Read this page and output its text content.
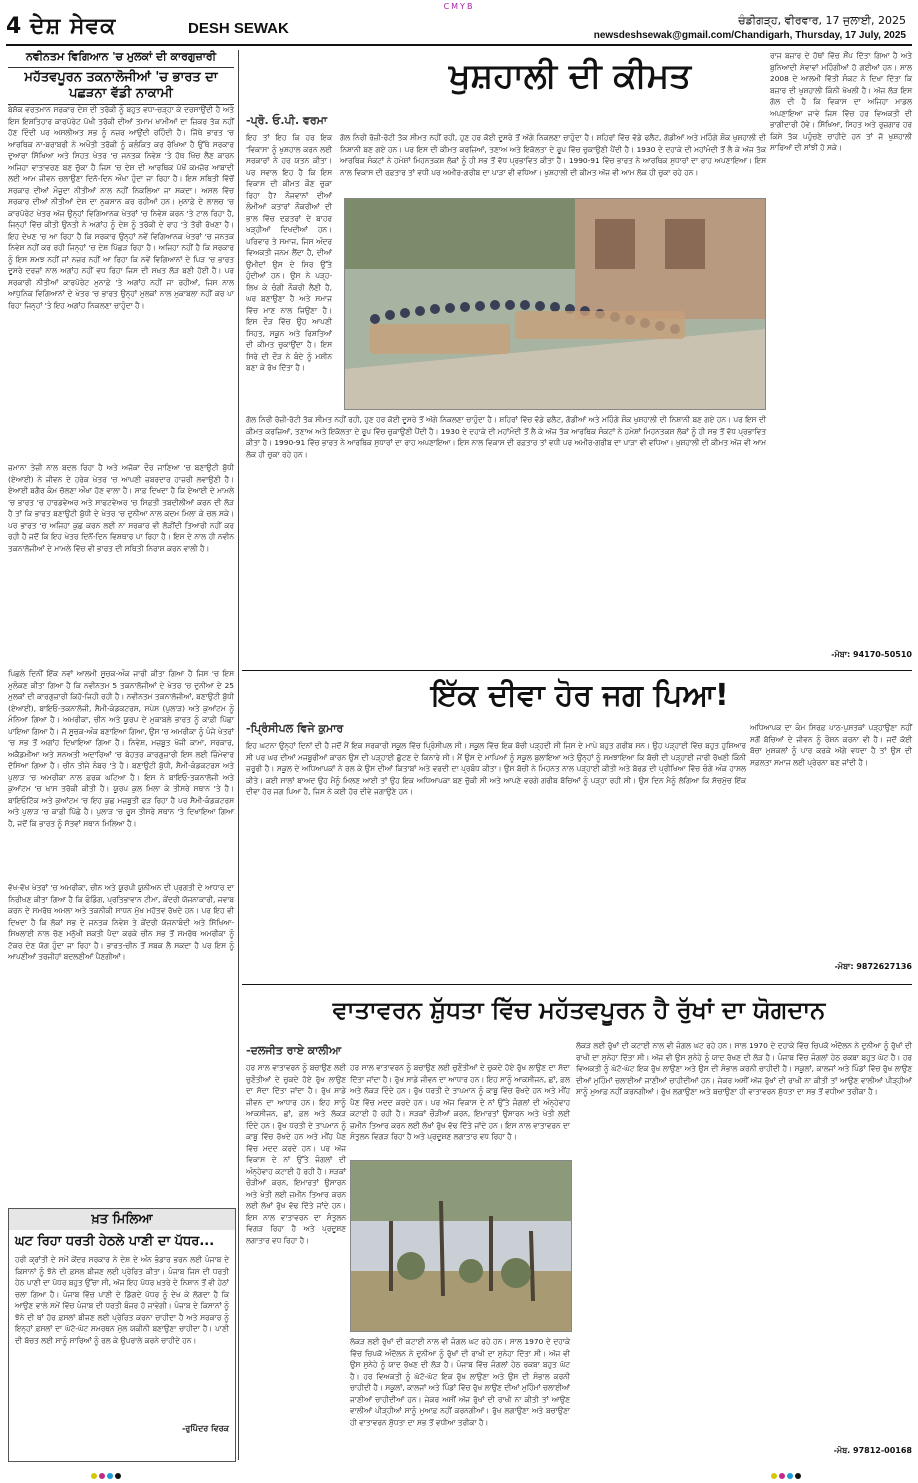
CMYB
4 ਦੇਸ਼ ਸੇਵਕ	DESH SEWAK	ਚੰਡੀਗੜ੍ਹ, ਵੀਰਵਾਰ, 17 ਜੁਲਾਈ, 2025
newsdeshsewak@gmail.com/Chandigarh, Thursday, 17 July, 2025
ਨਵੀਨਤਮ ਵਿਗਿਆਨ 'ਚ ਮੁਲਕਾਂ ਦੀ ਕਾਰਗੁਜ਼ਾਰੀ
ਮਹੱਤਵਪੂਰਨ ਤਕਨਾਲੋਜੀਆਂ 'ਚ ਭਾਰਤ ਦਾ ਪਛੜਨਾ ਵੱਡੀ ਨਾਕਾਮੀ
ਬੇਸ਼ੱਕ ਵਰਤਮਾਨ ਸਰਕਾਰ ਦੇਸ਼ ਦੀ ਤਰੱਕੀ ਨੂੰ ਬਹੁਤ ਵਧਾ-ਚੜ੍ਹਾ ਕੇ ਦਰਸਾਉਂਦੀ ਹੈ ਅਤੇ ਇਸ ਇਸ਼ਤਿਹਾਰ ਕਾਰਪੋਰੇਟ ਪੱਖੀ ਤਰੱਕੀ ਦੀਆਂ ਤਮਾਮ ਖਾਮੀਆਂ ਦਾ ਜ਼ਿਕਰ ਤੱਕ ਨਹੀਂ ਹੋਣ ਦਿੰਦੀ ਪਰ ਅਸਲੀਅਤ ਸਭ ਨੂੰ ਨਜ਼ਰ ਆਉਂਦੀ ਰਹਿੰਦੀ ਹੈ। ਜਿੱਥੇ ਭਾਰਤ 'ਚ ਆਰਥਿਕ ਨਾ-ਬਰਾਬਰੀ ਨੇ ਅਖੌਤੀ ਤਰੱਕੀ ਨੂੰ ਕਲੰਕਿਤ ਕਰ ਰੱਖਿਆ ਹੈ ਉੱਥੇ ਸਰਕਾਰ ਦੁਆਰਾ ਸਿੱਖਿਆ ਅਤੇ ਸਿਹਤ ਖੇਤਰ 'ਚ ਜਨਤਕ ਨਿਵੇਸ਼ 'ਤੇ ਹੱਥ ਖਿੱਚ ਲੈਣ ਕਾਰਨ ਅਜਿਹਾ ਵਾਤਾਵਰਣ ਬਣ ਚੁੱਕਾ ਹੈ ਜਿਸ 'ਚ ਦੇਸ਼ ਦੀ ਆਰਥਿਕ ਪੱਖੋਂ ਕਮਜ਼ੋਰ ਆਬਾਦੀ ਲਈ ਆਮ ਜੀਵਨ ਚਲਾਉਣਾ ਦਿਨੋ-ਦਿਨ ਔਖਾ ਹੁੰਦਾ ਜਾ ਰਿਹਾ ਹੈ। ਇਸ ਸਥਿਤੀ ਵਿੱਚੋਂ ਸਰਕਾਰ ਦੀਆਂ ਮੌਜੂਦਾ ਨੀਤੀਆਂ ਨਾਲ ਨਹੀਂ ਨਿਕਲਿਆ ਜਾ ਸਕਦਾ। ਅਸਲ ਵਿੱਚ ਸਰਕਾਰ ਦੀਆਂ ਨੀਤੀਆਂ ਦੇਸ਼ ਦਾ ਨੁਕਸਾਨ ਕਰ ਰਹੀਆਂ ਹਨ। ਮੁਨਾਫ਼ੇ ਦੇ ਲਾਲਚ 'ਚ ਕਾਰਪੋਰੇਟ ਖੇਤਰ ਅੱਜ ਉਨ੍ਹਾਂ ਵਿਗਿਆਨਕ ਖੇਤਰਾਂ 'ਚ ਨਿਵੇਸ਼ ਕਰਨ 'ਤੇ ਟਾਲ ਰਿਹਾ ਹੈ, ਜਿਨ੍ਹਾਂ ਵਿੱਚ ਕੀਤੀ ਉਨਤੀ ਨੇ ਅਗਾਂਹ ਨੂੰ ਦੇਸ਼ ਨੂੰ ਤਰੱਕੀ ਦੇ ਰਾਹ 'ਤੇ ਤੋਰੀ ਰੱਖਣਾ ਹੈ। ਇਹ ਦੇਖਣ 'ਚ ਆ ਰਿਹਾ ਹੈ ਕਿ ਸਰਕਾਰ ਉਨ੍ਹਾਂ ਨਵੇਂ ਵਿਗਿਆਨਕ ਖੇਤਰਾਂ 'ਚ ਜਨਤਕ ਨਿਵੇਸ਼ ਨਹੀਂ ਕਰ ਰਹੀ ਜਿਨ੍ਹਾਂ 'ਚ ਦੇਸ਼ ਪਿੱਛੜ ਰਿਹਾ ਹੈ। ਅਜਿਹਾ ਨਹੀਂ ਹੈ ਕਿ ਸਰਕਾਰ ਨੂੰ ਇਸ ਸਮਝ ਨਹੀਂ ਜਾਂ ਨਜ਼ਰ ਨਹੀਂ ਆ ਰਿਹਾ ਕਿ ਨਵੇਂ ਵਿਗਿਆਨਾਂ ਦੇ ਪਿੜ 'ਚ ਭਾਰਤ ਦੂਸਰੇ ਦਰਜ਼ਾਂ ਨਾਲ ਅਗਾਂਹ ਨਹੀਂ ਵਧ ਰਿਹਾ ਜਿਸ ਦੀ ਸਖ਼ਤ ਲੋੜ ਬਣੀ ਹੋਈ ਹੈ। ਪਰ ਸਰਕਾਰੀ ਨੀਤੀਆਂ ਕਾਰਪੋਰੇਟ ਮੁਨਾਫ਼ੇ 'ਤੇ ਅਗਾਂਹ ਨਹੀਂ ਜਾ ਰਹੀਆਂ, ਜਿਸ ਨਾਲ ਆਧੁਨਿਕ ਵਿਗਿਆਨਾਂ ਦੇ ਖੇਤਰ 'ਚ ਭਾਰਤ ਉਨ੍ਹਾਂ ਮੁਲਕਾਂ ਨਾਲ ਮੁਕਾਬਲਾ ਨਹੀਂ ਕਰ ਪਾ ਰਿਹਾ ਜਿਨ੍ਹਾਂ 'ਤੇ ਇਹ ਅਗਾਂਹ ਨਿਕਲਣਾ ਚਾਹੁੰਦਾ ਹੈ।
ਜ਼ਮਾਨਾ ਤੇਜ਼ੀ ਨਾਲ ਬਦਲ ਰਿਹਾ ਹੈ ਅਤੇ ਅਜੋਕਾ ਦੌਰ ਜਾਣਿਆ 'ਚ ਬਣਾਉਟੀ ਬੁੱਧੀ (ਏਆਈ) ਨੇ ਜੀਵਨ ਦੇ ਹਰੇਕ ਖੇਤਰ 'ਚ ਆਪਣੀ ਜ਼ਬਰਦਾਰ ਹਾਜ਼ਰੀ ਲਵਾਉਣੀ ਹੈ। ਏਆਈ ਬਗੈਰ ਕੰਮ ਚੱਲਣਾ ਔਖਾ ਹੋਣ ਵਾਲਾ ਹੈ। ਸਾਫ਼ ਦਿਖਦਾ ਹੈ ਕਿ ਏਆਈ ਦੇ ਮਾਮਲੇ 'ਚ ਭਾਰਤ 'ਚ ਹਾਰਡਵੇਅਰ ਅਤੇ ਸਾਫਟਵੇਅਰ 'ਚ ਸਿਫ਼ਤੀ ਤਬਦੀਲੀਆਂ ਕਰਨ ਦੀ ਲੋੜ ਹੈ ਤਾਂ ਕਿ ਭਾਰਤ ਬਣਾਉਟੀ ਬੁੱਧੀ ਦੇ ਖੇਤਰ 'ਚ ਦੁਨੀਆ ਨਾਲ ਕਦਮ ਮਿਲਾ ਕੇ ਚਲ ਸਕੇ। ਪਰ ਭਾਰਤ 'ਚ ਅਜਿਹਾ ਕੁਛ ਕਰਨ ਲਈ ਨਾ ਸਰਕਾਰ ਵੀ ਲੋੜੀਂਦੀ ਤਿਆਰੀ ਨਹੀਂ ਕਰ ਰਹੀ ਹੈ ਜਦੋਂ ਕਿ ਇਹ ਖੇਤਰ ਦਿਨੋਂ-ਦਿਨ ਵਿਸ਼ਥਾਰ ਪਾ ਰਿਹਾ ਹੈ। ਇਸ ਦੇ ਨਾਲ ਹੀ ਨਵੀਨ ਤਕਨਾਲੋਜੀਆਂ ਦੇ ਮਾਮਲੇ ਵਿੱਚ ਵੀ ਭਾਰਤ ਦੀ ਸਥਿਤੀ ਨਿਰਾਸ਼ ਕਰਨ ਵਾਲੀ ਹੈ।
ਪਿਛਲੇ ਦਿਨੀਂ ਇੱਕ ਨਵਾਂ ਆਲਮੀ ਸੂਚਕ-ਅੰਕ ਜਾਰੀ ਕੀਤਾ ਗਿਆ ਹੈ ਜਿਸ 'ਚ ਇਸ ਮੁਲੰਕਣ ਕੀਤਾ ਗਿਆ ਹੈ ਕਿ ਨਵੀਨਤਮ 5 ਤਕਨਾਲੋਜੀਆਂ ਦੇ ਖੇਤਰ 'ਚ ਦੁਨੀਆ ਦੇ 25 ਮੁਲਕਾਂ ਦੀ ਕਾਰਗੁਜ਼ਾਰੀ ਕਿਹੋ-ਜਿਹੀ ਰਹੀ ਹੈ। ਨਵੀਨਤਮ ਤਕਨਾਲੋਜੀਆਂ, ਬਣਾਉਟੀ ਬੁੱਧੀ (ਏਆਈ), ਬਾਇਓ-ਤਕਨਾਲੋਜੀ, ਸੈਮੀ-ਕੰਡਕਟਰਸ, ਸਪੇਸ (ਪੁਲਾੜ) ਅਤੇ ਕੁਆਂਟਮ ਨੂੰ ਮੰਨਿਆ ਗਿਆ ਹੈ। ਅਮਰੀਕਾ, ਚੀਨ ਅਤੇ ਯੂਰਪ ਦੇ ਮੁਕਾਬਲੇ ਭਾਰਤ ਨੂੰ ਕਾਫ਼ੀ ਪਿੱਛਾ ਪਾਇਆ ਗਿਆ ਹੈ। ਜੋ ਸੂਚਕ-ਅੰਕ ਬਣਾਇਆ ਗਿਆ, ਉਸ 'ਚ ਅਮਰੀਕਾ ਨੂੰ ਪੰਜੇ ਖੇਤਰਾਂ 'ਚ ਸਭ ਤੋਂ ਅਗਾਂਹ ਦਿਖਾਇਆ ਗਿਆ ਹੈ। ਨਿਵੇਸ਼, ਮਜ਼ਬੂਤ ਖੋਜੀ ਕਾਮਾ, ਸਰਕਾਰ, ਅਕੈਡਮੀਆ ਅਤੇ ਸਨਅਤੀ ਅਦਾਰਿਆਂ 'ਚ ਬੇਹਤਰ ਕਾਰਗੁਜ਼ਾਰੀ ਇਸ ਲਈ ਜ਼ਿੰਮੇਵਾਰ ਦੱਸਿਆ ਗਿਆ ਹੈ। ਚੀਨ ਤੀਜੇ ਨੰਬਰ 'ਤੇ ਹੈ। ਬਣਾਉਟੀ ਬੁੱਧੀ, ਸੈਮੀ-ਕੰਡਕਟਰਸ ਅਤੇ ਪੁਲਾੜ 'ਚ ਅਮਰੀਕਾ ਨਾਲ ਫ਼ਰਕ ਘਟਿਆ ਹੈ। ਇਸ ਨੇ ਬਾਇਓ-ਤਕਨਾਲੋਜੀ ਅਤੇ ਕੁਆਂਟਮ 'ਚ ਖ਼ਾਸ ਤਰੱਕੀ ਕੀਤੀ ਹੈ। ਯੂਰਪ ਕੁਲ ਮਿਲਾ ਕੇ ਤੀਸਰੇ ਸਥਾਨ 'ਤੇ ਹੈ। ਬਾਇਓਟਿੱਕ ਅਤੇ ਕੁਆਂਟਮ 'ਚ ਇਹ ਕੁਛ ਮਜ਼ਬੂਤੀ ਫੜ ਰਿਹਾ ਹੈ ਪਰ ਸੈਮੀ-ਕੰਡਕਟਰਸ ਅਤੇ ਪੁਲਾੜ 'ਚ ਕਾਫ਼ੀ ਪਿੱਛੇ ਹੈ। ਪੁਲਾੜ 'ਚ ਰੂਸ ਤੀਸਰੇ ਸਥਾਨ 'ਤੇ ਦਿਖਾਇਆ ਗਿਆ ਹੈ, ਜਦੋਂ ਕਿ ਭਾਰਤ ਨੂੰ ਸੱਤਵਾਂ ਸਥਾਨ ਮਿਲਿਆ ਹੈ।
ਵੱਖ-ਵੱਖ ਖੇਤਰਾਂ 'ਚ ਅਮਰੀਕਾ, ਚੀਨ ਅਤੇ ਯੂਰਪੀ ਯੂਨੀਅਨ ਦੀ ਪ੍ਰਗਤੀ ਦੇ ਆਧਾਰ ਦਾ ਨਿਰੀਖਣ ਕੀਤਾ ਗਿਆ ਹੈ ਕਿ ਫੰਡਿੰਗ, ਪ੍ਰਤਿਭਾਵਾਨ ਟੀਮਾ, ਕੇਂਦਰੀ ਯੋਜਨਾਕਾਰੀ, ਜਵਾਬ ਕਰਨ ਦੇ ਸਮਰੱਥ ਅਮਲਾ ਅਤੇ ਤਕਨੀਕੀ ਸਾਧਨ ਮੁੱਖ ਮਹੱਤਵ ਰੱਖਦੇ ਹਨ। ਪਰ ਇਹ ਵੀ ਦਿਖਦਾ ਹੈ ਕਿ ਲੋਕਾਂ ਸਭ ਦੇ ਜਨਤਕ ਨਿਵੇਸ਼ ਤੇ ਕੇਂਦਰੀ ਯੋਜਨਾਬੰਦੀ ਅਤੇ ਸਿੱਖਿਆ-ਸਿਖਲਾਈ ਨਾਲ ਚੋਣ ਮਨੁੱਖੀ ਸ਼ਕਤੀ ਪੈਦਾ ਕਰਕੇ ਚੀਨ ਸਭ ਤੋਂ ਸਮਰੱਥ ਅਮਰੀਕਾ ਨੂੰ ਟੱਕਰ ਦੇਣ ਯੋਗ ਹੁੰਦਾ ਜਾ ਰਿਹਾ ਹੈ। ਭਾਰਤ-ਚੀਨ ਤੋਂ ਸਬਕ ਲੈ ਸਕਦਾ ਹੈ ਪਰ ਇਸ ਨੂੰ ਆਪਣੀਆਂ ਤਰਜੀਹਾਂ ਬਦਲਣੀਆਂ ਪੈਣਗੀਆਂ।
ਖ਼ਤ ਮਿਲਿਆ
ਘਟ ਰਿਹਾ ਧਰਤੀ ਹੇਠਲੇ ਪਾਣੀ ਦਾ ਪੱਧਰ...
ਹਰੀ ਕ੍ਰਾਂਤੀ ਦੇ ਸਮੇਂ ਕੇਂਦਰ ਸਰਕਾਰ ਨੇ ਦੇਸ਼ ਦੇ ਅੰਨ ਭੰਡਾਰ ਭਰਨ ਲਈ ਪੰਜਾਬ ਦੇ ਕਿਸਾਨਾਂ ਨੂੰ ਝੋਨੇ ਦੀ ਫ਼ਸਲ ਬੀਜਣ ਲਈ ਪ੍ਰੇਰਿਤ ਕੀਤਾ। ਪੰਜਾਬ ਜਿਸ ਦੀ ਧਰਤੀ ਹੇਠ ਪਾਣੀ ਦਾ ਪੱਧਰ ਬਹੁਤ ਉੱਚਾ ਸੀ, ਅੱਜ ਇਹ ਪੱਧਰ ਖ਼ਤਰੇ ਦੇ ਨਿਸ਼ਾਨ ਤੋਂ ਵੀ ਹੇਠਾਂ ਚਲਾ ਗਿਆ ਹੈ। ਪੰਜਾਬ ਵਿੱਚ ਪਾਣੀ ਦੇ ਡਿੱਗਦੇ ਪੱਧਰ ਨੂੰ ਦੇਖ ਕੇ ਲੱਗਦਾ ਹੈ ਕਿ ਆਉਣ ਵਾਲੇ ਸਮੇਂ ਵਿੱਚ ਪੰਜਾਬ ਦੀ ਧਰਤੀ ਬੰਜਰ ਹੋ ਜਾਵੇਗੀ। ਪੰਜਾਬ ਦੇ ਕਿਸਾਨਾਂ ਨੂੰ ਝੋਨੇ ਦੀ ਥਾਂ ਹੋਰ ਫ਼ਸਲਾਂ ਬੀਜਣ ਲਈ ਪ੍ਰੇਰਿਤ ਕਰਨਾ ਚਾਹੀਦਾ ਹੈ ਅਤੇ ਸਰਕਾਰ ਨੂੰ ਇਨ੍ਹਾਂ ਫ਼ਸਲਾਂ ਦਾ ਘੱਟੋ-ਘੱਟ ਸਮਰਥਨ ਮੁੱਲ ਯਕੀਨੀ ਬਣਾਉਣਾ ਚਾਹੀਦਾ ਹੈ। ਪਾਣੀ ਦੀ ਬੱਚਤ ਲਈ ਸਾਨੂੰ ਸਾਰਿਆਂ ਨੂੰ ਰਲ ਕੇ ਉਪਰਾਲੇ ਕਰਨੇ ਚਾਹੀਦੇ ਹਨ।
-ਰੁਪਿੰਦਰ ਵਿਰਕ
ਖੁਸ਼ਹਾਲੀ ਦੀ ਕੀਮਤ
-ਪ੍ਰੋ. ਓ.ਪੀ. ਵਰਮਾ
ਇਹ ਤਾਂ ਇਹ ਕਿ ਹਰ ਇਕ 'ਵਿਕਾਸ' ਨੂੰ ਖੁਸ਼ਹਾਲ ਕਰਨ ਲਈ ਸਰਕਾਰਾਂ ਨੇ ਹਰ ਯਤਨ ਕੀਤਾ। ਪਰ ਸਵਾਲ ਇਹ ਹੈ ਕਿ ਇਸ ਵਿਕਾਸ ਦੀ ਕੀਮਤ ਕੌਣ ਚੁਕਾ ਰਿਹਾ ਹੈ? ਨੌਜਵਾਨਾਂ ਦੀਆਂ ਲੰਮੀਆਂ ਕਤਾਰਾਂ ਨੌਕਰੀਆਂ ਦੀ ਭਾਲ ਵਿੱਚ ਦਫ਼ਤਰਾਂ ਦੇ ਬਾਹਰ ਖੜ੍ਹੀਆਂ ਦਿਖਦੀਆਂ ਹਨ। ਪਰਿਵਾਰ ਤੇ ਸਮਾਜ, ਜਿਸ ਅੰਦਰ ਵਿਅਕਤੀ ਜਨਮ ਲੈਂਦਾ ਹੈ, ਦੀਆਂ ਉਮੀਦਾਂ ਉਸ ਦੇ ਸਿਰ ਉੱਤੇ ਹੁੰਦੀਆਂ ਹਨ। ਉਸ ਨੇ ਪੜ੍ਹ-ਲਿਖ ਕੇ ਚੰਗੀ ਨੌਕਰੀ ਲੈਣੀ ਹੈ, ਘਰ ਬਣਾਉਣਾ ਹੈ ਅਤੇ ਸਮਾਜ ਵਿੱਚ ਮਾਣ ਨਾਲ ਜਿਉਣਾ ਹੈ। ਇਸ ਦੌੜ ਵਿੱਚ ਉਹ ਆਪਣੀ ਸਿਹਤ, ਸਕੂਨ ਅਤੇ ਰਿਸ਼ਤਿਆਂ ਦੀ ਕੀਮਤ ਚੁਕਾਉਂਦਾ ਹੈ। ਇਸ ਸਿਰੇ ਦੀ ਦੌੜ ਨੇ ਬੰਦੇ ਨੂੰ ਮਸ਼ੀਨ ਬਣਾ ਕੇ ਰੱਖ ਦਿੱਤਾ ਹੈ।
ਗੱਲ ਨਿਰੀ ਰੋਜ਼ੀ-ਰੋਟੀ ਤੱਕ ਸੀਮਤ ਨਹੀਂ ਰਹੀ, ਹੁਣ ਹਰ ਕੋਈ ਦੂਸਰੇ ਤੋਂ ਅੱਗੇ ਨਿਕਲਣਾ ਚਾਹੁੰਦਾ ਹੈ। ਸ਼ਹਿਰਾਂ ਵਿੱਚ ਵੱਡੇ ਫਲੈਟ, ਗੱਡੀਆਂ ਅਤੇ ਮਹਿੰਗੇ ਸ਼ੌਕ ਖੁਸ਼ਹਾਲੀ ਦੀ ਨਿਸ਼ਾਨੀ ਬਣ ਗਏ ਹਨ। ਪਰ ਇਸ ਦੀ ਕੀਮਤ ਕਰਜ਼ਿਆਂ, ਤਣਾਅ ਅਤੇ ਇਕੱਲਤਾ ਦੇ ਰੂਪ ਵਿੱਚ ਚੁਕਾਉਣੀ ਪੈਂਦੀ ਹੈ। 1930 ਦੇ ਦਹਾਕੇ ਦੀ ਮਹਾਂਮੰਦੀ ਤੋਂ ਲੈ ਕੇ ਅੱਜ ਤੱਕ ਆਰਥਿਕ ਸੰਕਟਾਂ ਨੇ ਹਮੇਸ਼ਾਂ ਮਿਹਨਤਕਸ਼ ਲੋਕਾਂ ਨੂੰ ਹੀ ਸਭ ਤੋਂ ਵੱਧ ਪ੍ਰਭਾਵਿਤ ਕੀਤਾ ਹੈ। 1990-91 ਵਿੱਚ ਭਾਰਤ ਨੇ ਆਰਥਿਕ ਸੁਧਾਰਾਂ ਦਾ ਰਾਹ ਅਪਣਾਇਆ। ਇਸ ਨਾਲ ਵਿਕਾਸ ਦੀ ਰਫ਼ਤਾਰ ਤਾਂ ਵਧੀ ਪਰ ਅਮੀਰ-ਗਰੀਬ ਦਾ ਪਾੜਾ ਵੀ ਵਧਿਆ। ਖੁਸ਼ਹਾਲੀ ਦੀ ਕੀਮਤ ਅੱਜ ਵੀ ਆਮ ਲੋਕ ਹੀ ਚੁਕਾ ਰਹੇ ਹਨ।
ਗੱਲ ਨਿਰੀ ਰੋਜ਼ੀ-ਰੋਟੀ ਤੱਕ ਸੀਮਤ ਨਹੀਂ ਰਹੀ, ਹੁਣ ਹਰ ਕੋਈ ਦੂਸਰੇ ਤੋਂ ਅੱਗੇ ਨਿਕਲਣਾ ਚਾਹੁੰਦਾ ਹੈ। ਸ਼ਹਿਰਾਂ ਵਿੱਚ ਵੱਡੇ ਫਲੈਟ, ਗੱਡੀਆਂ ਅਤੇ ਮਹਿੰਗੇ ਸ਼ੌਕ ਖੁਸ਼ਹਾਲੀ ਦੀ ਨਿਸ਼ਾਨੀ ਬਣ ਗਏ ਹਨ। ਪਰ ਇਸ ਦੀ ਕੀਮਤ ਕਰਜ਼ਿਆਂ, ਤਣਾਅ ਅਤੇ ਇਕੱਲਤਾ ਦੇ ਰੂਪ ਵਿੱਚ ਚੁਕਾਉਣੀ ਪੈਂਦੀ ਹੈ। 1930 ਦੇ ਦਹਾਕੇ ਦੀ ਮਹਾਂਮੰਦੀ ਤੋਂ ਲੈ ਕੇ ਅੱਜ ਤੱਕ ਆਰਥਿਕ ਸੰਕਟਾਂ ਨੇ ਹਮੇਸ਼ਾਂ ਮਿਹਨਤਕਸ਼ ਲੋਕਾਂ ਨੂੰ ਹੀ ਸਭ ਤੋਂ ਵੱਧ ਪ੍ਰਭਾਵਿਤ ਕੀਤਾ ਹੈ। 1990-91 ਵਿੱਚ ਭਾਰਤ ਨੇ ਆਰਥਿਕ ਸੁਧਾਰਾਂ ਦਾ ਰਾਹ ਅਪਣਾਇਆ। ਇਸ ਨਾਲ ਵਿਕਾਸ ਦੀ ਰਫ਼ਤਾਰ ਤਾਂ ਵਧੀ ਪਰ ਅਮੀਰ-ਗਰੀਬ ਦਾ ਪਾੜਾ ਵੀ ਵਧਿਆ। ਖੁਸ਼ਹਾਲੀ ਦੀ ਕੀਮਤ ਅੱਜ ਵੀ ਆਮ ਲੋਕ ਹੀ ਚੁਕਾ ਰਹੇ ਹਨ।
ਰਾਜ ਬਜ਼ਾਰ ਦੇ ਹੱਥਾਂ ਵਿੱਚ ਸੌਂਪ ਦਿੱਤਾ ਗਿਆ ਹੈ ਅਤੇ ਬੁਨਿਆਦੀ ਸੇਵਾਵਾਂ ਮਹਿੰਗੀਆਂ ਹੋ ਗਈਆਂ ਹਨ। ਸਾਲ 2008 ਦੇ ਆਲਮੀ ਵਿੱਤੀ ਸੰਕਟ ਨੇ ਦਿਖਾ ਦਿੱਤਾ ਕਿ ਬਜ਼ਾਰ ਦੀ ਖੁਸ਼ਹਾਲੀ ਕਿੰਨੀ ਖੋਖਲੀ ਹੈ। ਅੱਜ ਲੋੜ ਇਸ ਗੱਲ ਦੀ ਹੈ ਕਿ ਵਿਕਾਸ ਦਾ ਅਜਿਹਾ ਮਾਡਲ ਅਪਣਾਇਆ ਜਾਵੇ ਜਿਸ ਵਿੱਚ ਹਰ ਵਿਅਕਤੀ ਦੀ ਭਾਗੀਦਾਰੀ ਹੋਵੇ। ਸਿੱਖਿਆ, ਸਿਹਤ ਅਤੇ ਰੁਜ਼ਗਾਰ ਹਰ ਕਿਸੇ ਤੱਕ ਪਹੁੰਚਣੇ ਚਾਹੀਦੇ ਹਨ ਤਾਂ ਜੋ ਖੁਸ਼ਹਾਲੀ ਸਾਰਿਆਂ ਦੀ ਸਾਂਝੀ ਹੋ ਸਕੇ।
-ਮੋਬਾ: 94170-50510
ਇੱਕ ਦੀਵਾ ਹੋਰ ਜਗ ਪਿਆ!
-ਪ੍ਰਿੰਸੀਪਲ ਵਿਜੇ ਕੁਮਾਰ
ਇਹ ਘਟਨਾ ਉਨ੍ਹਾਂ ਦਿਨਾਂ ਦੀ ਹੈ ਜਦੋਂ ਮੈਂ ਇਕ ਸਰਕਾਰੀ ਸਕੂਲ ਵਿੱਚ ਪ੍ਰਿੰਸੀਪਲ ਸੀ। ਸਕੂਲ ਵਿੱਚ ਇਕ ਬੱਚੀ ਪੜ੍ਹਦੀ ਸੀ ਜਿਸ ਦੇ ਮਾਪੇ ਬਹੁਤ ਗਰੀਬ ਸਨ। ਉਹ ਪੜ੍ਹਾਈ ਵਿੱਚ ਬਹੁਤ ਹੁਸ਼ਿਆਰ ਸੀ ਪਰ ਘਰ ਦੀਆਂ ਮਜਬੂਰੀਆਂ ਕਾਰਨ ਉਸ ਦੀ ਪੜ੍ਹਾਈ ਛੁੱਟਣ ਦੇ ਕਿਨਾਰੇ ਸੀ। ਮੈਂ ਉਸ ਦੇ ਮਾਪਿਆਂ ਨੂੰ ਸਕੂਲ ਬੁਲਾਇਆ ਅਤੇ ਉਨ੍ਹਾਂ ਨੂੰ ਸਮਝਾਇਆ ਕਿ ਬੱਚੀ ਦੀ ਪੜ੍ਹਾਈ ਜਾਰੀ ਰੱਖਣੀ ਕਿੰਨੀ ਜ਼ਰੂਰੀ ਹੈ। ਸਕੂਲ ਦੇ ਅਧਿਆਪਕਾਂ ਨੇ ਰਲ ਕੇ ਉਸ ਦੀਆਂ ਕਿਤਾਬਾਂ ਅਤੇ ਵਰਦੀ ਦਾ ਪ੍ਰਬੰਧ ਕੀਤਾ। ਉਸ ਬੱਚੀ ਨੇ ਮਿਹਨਤ ਨਾਲ ਪੜ੍ਹਾਈ ਕੀਤੀ ਅਤੇ ਬੋਰਡ ਦੀ ਪ੍ਰੀਖਿਆ ਵਿੱਚ ਚੰਗੇ ਅੰਕ ਹਾਸਲ ਕੀਤੇ। ਕਈ ਸਾਲਾਂ ਬਾਅਦ ਉਹ ਮੈਨੂੰ ਮਿਲਣ ਆਈ ਤਾਂ ਉਹ ਇਕ ਅਧਿਆਪਕਾ ਬਣ ਚੁੱਕੀ ਸੀ ਅਤੇ ਆਪਣੇ ਵਰਗੇ ਗਰੀਬ ਬੱਚਿਆਂ ਨੂੰ ਪੜ੍ਹਾ ਰਹੀ ਸੀ। ਉਸ ਦਿਨ ਮੈਨੂੰ ਲੱਗਿਆ ਕਿ ਸੱਚਮੁੱਚ ਇੱਕ ਦੀਵਾ ਹੋਰ ਜਗ ਪਿਆ ਹੈ, ਜਿਸ ਨੇ ਕਈ ਹੋਰ ਦੀਵੇ ਜਗਾਉਣੇ ਹਨ।
ਅਧਿਆਪਕ ਦਾ ਕੰਮ ਸਿਰਫ਼ ਪਾਠ-ਪੁਸਤਕਾਂ ਪੜ੍ਹਾਉਣਾ ਨਹੀਂ ਸਗੋਂ ਬੱਚਿਆਂ ਦੇ ਜੀਵਨ ਨੂੰ ਰੌਸ਼ਨ ਕਰਨਾ ਵੀ ਹੈ। ਜਦੋਂ ਕੋਈ ਬੱਚਾ ਮੁਸ਼ਕਲਾਂ ਨੂੰ ਪਾਰ ਕਰਕੇ ਅੱਗੇ ਵਧਦਾ ਹੈ ਤਾਂ ਉਸ ਦੀ ਸਫ਼ਲਤਾ ਸਮਾਜ ਲਈ ਪ੍ਰੇਰਨਾ ਬਣ ਜਾਂਦੀ ਹੈ।
-ਮੋਬਾ: 9872627136
ਵਾਤਾਵਰਨ ਸ਼ੁੱਧਤਾ ਵਿੱਚ ਮਹੱਤਵਪੂਰਨ ਹੈ ਰੁੱਖਾਂ ਦਾ ਯੋਗਦਾਨ
-ਦਲਜੀਤ ਰਾਏ ਕਾਲੀਆ
ਹਰ ਸਾਲ ਵਾਤਾਵਰਨ ਨੂੰ ਬਚਾਉਣ ਲਈ ਚੁਣੌਤੀਆਂ ਦੇ ਚੁਕਦੇ ਹੋਏ ਰੁੱਖ ਲਾਉਣ ਦਾ ਸੱਦਾ ਦਿੱਤਾ ਜਾਂਦਾ ਹੈ। ਰੁੱਖ ਸਾਡੇ ਜੀਵਨ ਦਾ ਆਧਾਰ ਹਨ। ਇਹ ਸਾਨੂੰ ਆਕਸੀਜਨ, ਛਾਂ, ਫ਼ਲ ਅਤੇ ਲੱਕੜ ਦਿੰਦੇ ਹਨ। ਰੁੱਖ ਧਰਤੀ ਦੇ ਤਾਪਮਾਨ ਨੂੰ ਕਾਬੂ ਵਿੱਚ ਰੱਖਦੇ ਹਨ ਅਤੇ ਮੀਂਹ ਪੈਣ ਵਿੱਚ ਮਦਦ ਕਰਦੇ ਹਨ। ਪਰ ਅੱਜ ਵਿਕਾਸ ਦੇ ਨਾਂ ਉੱਤੇ ਜੰਗਲਾਂ ਦੀ ਅੰਨ੍ਹੇਵਾਹ ਕਟਾਈ ਹੋ ਰਹੀ ਹੈ। ਸੜਕਾਂ ਚੌੜੀਆਂ ਕਰਨ, ਇਮਾਰਤਾਂ ਉਸਾਰਨ ਅਤੇ ਖੇਤੀ ਲਈ ਜ਼ਮੀਨ ਤਿਆਰ ਕਰਨ ਲਈ ਲੱਖਾਂ ਰੁੱਖ ਵੱਢ ਦਿੱਤੇ ਜਾਂਦੇ ਹਨ। ਇਸ ਨਾਲ ਵਾਤਾਵਰਨ ਦਾ ਸੰਤੁਲਨ ਵਿਗੜ ਰਿਹਾ ਹੈ ਅਤੇ ਪ੍ਰਦੂਸ਼ਣ ਲਗਾਤਾਰ ਵਧ ਰਿਹਾ ਹੈ।
ਹਰ ਸਾਲ ਵਾਤਾਵਰਨ ਨੂੰ ਬਚਾਉਣ ਲਈ ਚੁਣੌਤੀਆਂ ਦੇ ਚੁਕਦੇ ਹੋਏ ਰੁੱਖ ਲਾਉਣ ਦਾ ਸੱਦਾ ਦਿੱਤਾ ਜਾਂਦਾ ਹੈ। ਰੁੱਖ ਸਾਡੇ ਜੀਵਨ ਦਾ ਆਧਾਰ ਹਨ। ਇਹ ਸਾਨੂੰ ਆਕਸੀਜਨ, ਛਾਂ, ਫ਼ਲ ਅਤੇ ਲੱਕੜ ਦਿੰਦੇ ਹਨ। ਰੁੱਖ ਧਰਤੀ ਦੇ ਤਾਪਮਾਨ ਨੂੰ ਕਾਬੂ ਵਿੱਚ ਰੱਖਦੇ ਹਨ ਅਤੇ ਮੀਂਹ ਪੈਣ ਵਿੱਚ ਮਦਦ ਕਰਦੇ ਹਨ। ਪਰ ਅੱਜ ਵਿਕਾਸ ਦੇ ਨਾਂ ਉੱਤੇ ਜੰਗਲਾਂ ਦੀ ਅੰਨ੍ਹੇਵਾਹ ਕਟਾਈ ਹੋ ਰਹੀ ਹੈ। ਸੜਕਾਂ ਚੌੜੀਆਂ ਕਰਨ, ਇਮਾਰਤਾਂ ਉਸਾਰਨ ਅਤੇ ਖੇਤੀ ਲਈ ਜ਼ਮੀਨ ਤਿਆਰ ਕਰਨ ਲਈ ਲੱਖਾਂ ਰੁੱਖ ਵੱਢ ਦਿੱਤੇ ਜਾਂਦੇ ਹਨ। ਇਸ ਨਾਲ ਵਾਤਾਵਰਨ ਦਾ ਸੰਤੁਲਨ ਵਿਗੜ ਰਿਹਾ ਹੈ ਅਤੇ ਪ੍ਰਦੂਸ਼ਣ ਲਗਾਤਾਰ ਵਧ ਰਿਹਾ ਹੈ।
ਲੱਕੜ ਲਈ ਰੁੱਖਾਂ ਦੀ ਕਟਾਈ ਨਾਲ ਵੀ ਜੰਗਲ ਘਟ ਰਹੇ ਹਨ। ਸਾਲ 1970 ਦੇ ਦਹਾਕੇ ਵਿੱਚ ਚਿਪਕੋ ਅੰਦੋਲਨ ਨੇ ਦੁਨੀਆ ਨੂੰ ਰੁੱਖਾਂ ਦੀ ਰਾਖੀ ਦਾ ਸੁਨੇਹਾ ਦਿੱਤਾ ਸੀ। ਅੱਜ ਵੀ ਉਸ ਸੁਨੇਹੇ ਨੂੰ ਯਾਦ ਰੱਖਣ ਦੀ ਲੋੜ ਹੈ। ਪੰਜਾਬ ਵਿੱਚ ਜੰਗਲਾਂ ਹੇਠ ਰਕਬਾ ਬਹੁਤ ਘੱਟ ਹੈ। ਹਰ ਵਿਅਕਤੀ ਨੂੰ ਘੱਟੋ-ਘੱਟ ਇਕ ਰੁੱਖ ਲਾਉਣਾ ਅਤੇ ਉਸ ਦੀ ਸੰਭਾਲ ਕਰਨੀ ਚਾਹੀਦੀ ਹੈ। ਸਕੂਲਾਂ, ਕਾਲਜਾਂ ਅਤੇ ਪਿੰਡਾਂ ਵਿੱਚ ਰੁੱਖ ਲਾਉਣ ਦੀਆਂ ਮੁਹਿੰਮਾਂ ਚਲਾਈਆਂ ਜਾਣੀਆਂ ਚਾਹੀਦੀਆਂ ਹਨ। ਜੇਕਰ ਅਸੀਂ ਅੱਜ ਰੁੱਖਾਂ ਦੀ ਰਾਖੀ ਨਾ ਕੀਤੀ ਤਾਂ ਆਉਣ ਵਾਲੀਆਂ ਪੀੜ੍ਹੀਆਂ ਸਾਨੂੰ ਮੁਆਫ਼ ਨਹੀਂ ਕਰਨਗੀਆਂ। ਰੁੱਖ ਲਗਾਉਣਾ ਅਤੇ ਬਚਾਉਣਾ ਹੀ ਵਾਤਾਵਰਨ ਸ਼ੁੱਧਤਾ ਦਾ ਸਭ ਤੋਂ ਵਧੀਆ ਤਰੀਕਾ ਹੈ।
ਲੱਕੜ ਲਈ ਰੁੱਖਾਂ ਦੀ ਕਟਾਈ ਨਾਲ ਵੀ ਜੰਗਲ ਘਟ ਰਹੇ ਹਨ। ਸਾਲ 1970 ਦੇ ਦਹਾਕੇ ਵਿੱਚ ਚਿਪਕੋ ਅੰਦੋਲਨ ਨੇ ਦੁਨੀਆ ਨੂੰ ਰੁੱਖਾਂ ਦੀ ਰਾਖੀ ਦਾ ਸੁਨੇਹਾ ਦਿੱਤਾ ਸੀ। ਅੱਜ ਵੀ ਉਸ ਸੁਨੇਹੇ ਨੂੰ ਯਾਦ ਰੱਖਣ ਦੀ ਲੋੜ ਹੈ। ਪੰਜਾਬ ਵਿੱਚ ਜੰਗਲਾਂ ਹੇਠ ਰਕਬਾ ਬਹੁਤ ਘੱਟ ਹੈ। ਹਰ ਵਿਅਕਤੀ ਨੂੰ ਘੱਟੋ-ਘੱਟ ਇਕ ਰੁੱਖ ਲਾਉਣਾ ਅਤੇ ਉਸ ਦੀ ਸੰਭਾਲ ਕਰਨੀ ਚਾਹੀਦੀ ਹੈ। ਸਕੂਲਾਂ, ਕਾਲਜਾਂ ਅਤੇ ਪਿੰਡਾਂ ਵਿੱਚ ਰੁੱਖ ਲਾਉਣ ਦੀਆਂ ਮੁਹਿੰਮਾਂ ਚਲਾਈਆਂ ਜਾਣੀਆਂ ਚਾਹੀਦੀਆਂ ਹਨ। ਜੇਕਰ ਅਸੀਂ ਅੱਜ ਰੁੱਖਾਂ ਦੀ ਰਾਖੀ ਨਾ ਕੀਤੀ ਤਾਂ ਆਉਣ ਵਾਲੀਆਂ ਪੀੜ੍ਹੀਆਂ ਸਾਨੂੰ ਮੁਆਫ਼ ਨਹੀਂ ਕਰਨਗੀਆਂ। ਰੁੱਖ ਲਗਾਉਣਾ ਅਤੇ ਬਚਾਉਣਾ ਹੀ ਵਾਤਾਵਰਨ ਸ਼ੁੱਧਤਾ ਦਾ ਸਭ ਤੋਂ ਵਧੀਆ ਤਰੀਕਾ ਹੈ।
-ਮੋਬ. 97812-00168
